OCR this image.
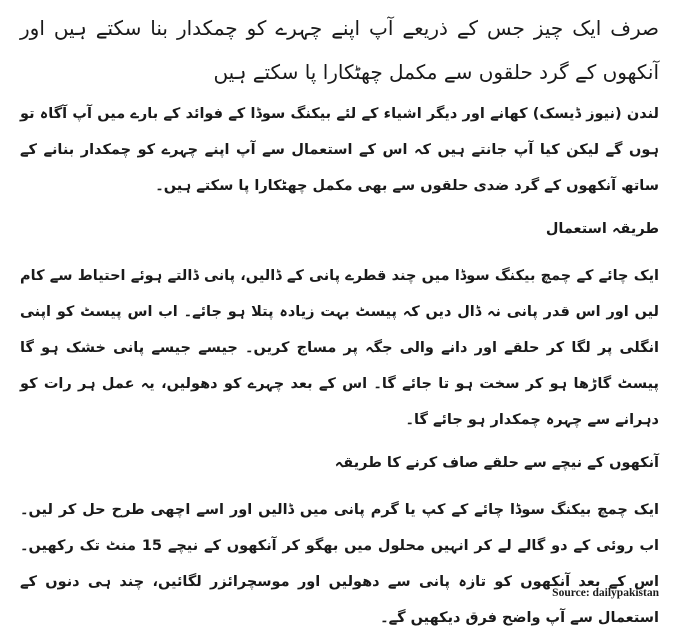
صرف ایک چیز جس کے ذریعے آپ اپنے چہرے کو چمکدار بنا سکتے ہیں اور آنکھوں کے گرد حلقوں سے مکمل چھٹکارا پا سکتے ہیں

لندن (نیوز ڈیسک) کھانے اور دیگر اشیاء کے لئے بیکنگ سوڈا کے فوائد کے بارے میں آپ آگاہ تو ہوں گے لیکن کیا آپ جانتے ہیں کہ اس کے استعمال سے آپ اپنے چہرے کو چمکدار بنانے کے ساتھ آنکھوں کے گرد ضدی حلقوں سے بھی مکمل چھٹکارا پا سکتے ہیں۔

طریقہ استعمال

ایک چائے کے چمچ بیکنگ سوڈا میں چند قطرے پانی کے ڈالیں، پانی ڈالتے ہوئے احتیاط سے کام لیں اور اس قدر پانی نہ ڈال دیں کہ پیسٹ بہت زیادہ پتلا ہو جائے۔ اب اس پیسٹ کو اپنی انگلی پر لگا کر حلقے اور دانے والی جگہ پر مساج کریں۔ جیسے جیسے پانی خشک ہو گا پیسٹ گاڑھا ہو کر سخت ہو تا جائے گا۔ اس کے بعد چہرے کو دھولیں، یہ عمل ہر رات کو دہرانے سے چہرہ چمکدار ہو جائے گا۔

آنکھوں کے نیچے سے حلقے صاف کرنے کا طریقہ

ایک چمچ بیکنگ سوڈا چائے کے کپ یا گرم پانی میں ڈالیں اور اسے اچھی طرح حل کر لیں۔ اب روئی کے دو گالے لے کر انہیں محلول میں بھگو کر آنکھوں کے نیچے 15 منٹ تک رکھیں۔ اس کے بعد آنکھوں کو تازہ پانی سے دھولیں اور موسچرائزر لگائیں، چند ہی دنوں کے استعمال سے آپ واضح فرق دیکھیں گے۔

Source: dailypakistan
